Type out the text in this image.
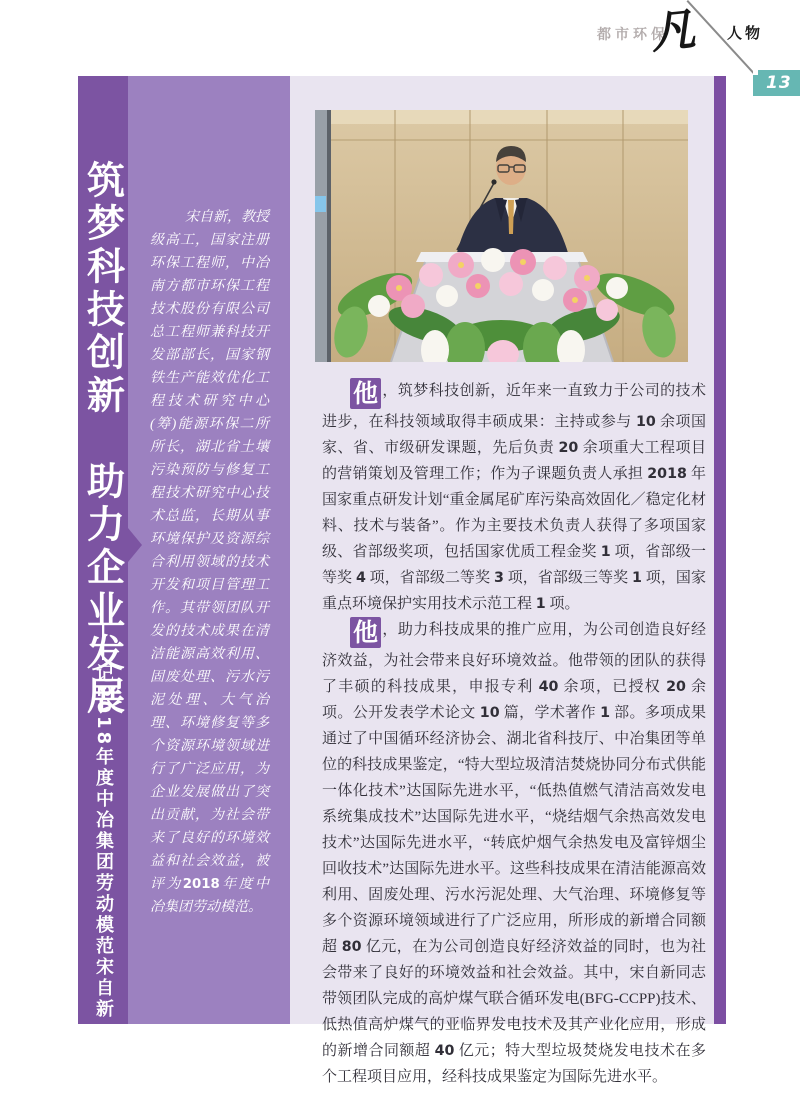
都市环保
凡 人物
13
筑梦科技创新　助力企业发展
——记2018年度中冶集团劳动模范宋自新
宋自新，教授级高工，国家注册环保工程师，中冶南方都市环保工程技术股份有限公司总工程师兼科技开发部部长，国家钢铁生产能效优化工程技术研究中心(筹)能源环保二所所长，湖北省土壤污染预防与修复工程技术研究中心技术总监，长期从事环境保护及资源综合利用领域的技术开发和项目管理工作。其带领团队开发的技术成果在清洁能源高效利用、固废处理、污水污泥处理、大气治理、环境修复等多个资源环境领域进行了广泛应用，为企业发展做出了突出贡献，为社会带来了良好的环境效益和社会效益，被评为2018年度中冶集团劳动模范。

他 ，筑梦科技创新，近年来一直致力于公司的技术进步，在科技领域取得丰硕成果：主持或参与 10 余项国家、省、市级研发课题，先后负责 20 余项重大工程项目的营销策划及管理工作；作为子课题负责人承担 2018 年国家重点研发计划“重金属尾矿库污染高效固化／稳定化材料、技术与装备”。作为主要技术负责人获得了多项国家级、省部级奖项，包括国家优质工程金奖 1 项，省部级一等奖 4 项，省部级二等奖 3 项，省部级三等奖 1 项，国家重点环境保护实用技术示范工程 1 项。

他 ，助力科技成果的推广应用，为公司创造良好经济效益，为社会带来良好环境效益。他带领的团队的获得了丰硕的科技成果，申报专利 40 余项，已授权 20 余项。公开发表学术论文 10 篇，学术著作 1 部。多项成果通过了中国循环经济协会、湖北省科技厅、中冶集团等单位的科技成果鉴定，“特大型垃圾清洁焚烧协同分布式供能一体化技术”达国际先进水平，“低热值燃气清洁高效发电系统集成技术”达国际先进水平，“烧结烟气余热高效发电技术”达国际先进水平，“转底炉烟气余热发电及富锌烟尘回收技术”达国际先进水平。这些科技成果在清洁能源高效利用、固废处理、污水污泥处理、大气治理、环境修复等多个资源环境领域进行了广泛应用，所形成的新增合同额超 80 亿元，在为公司创造良好经济效益的同时，也为社会带来了良好的环境效益和社会效益。其中，宋自新同志带领团队完成的高炉煤气联合循环发电(BFG-CCPP)技术、低热值高炉煤气的亚临界发电技术及其产业化应用，形成的新增合同额超 40 亿元；特大型垃圾焚烧发电技术在多个工程项目应用，经科技成果鉴定为国际先进水平。
